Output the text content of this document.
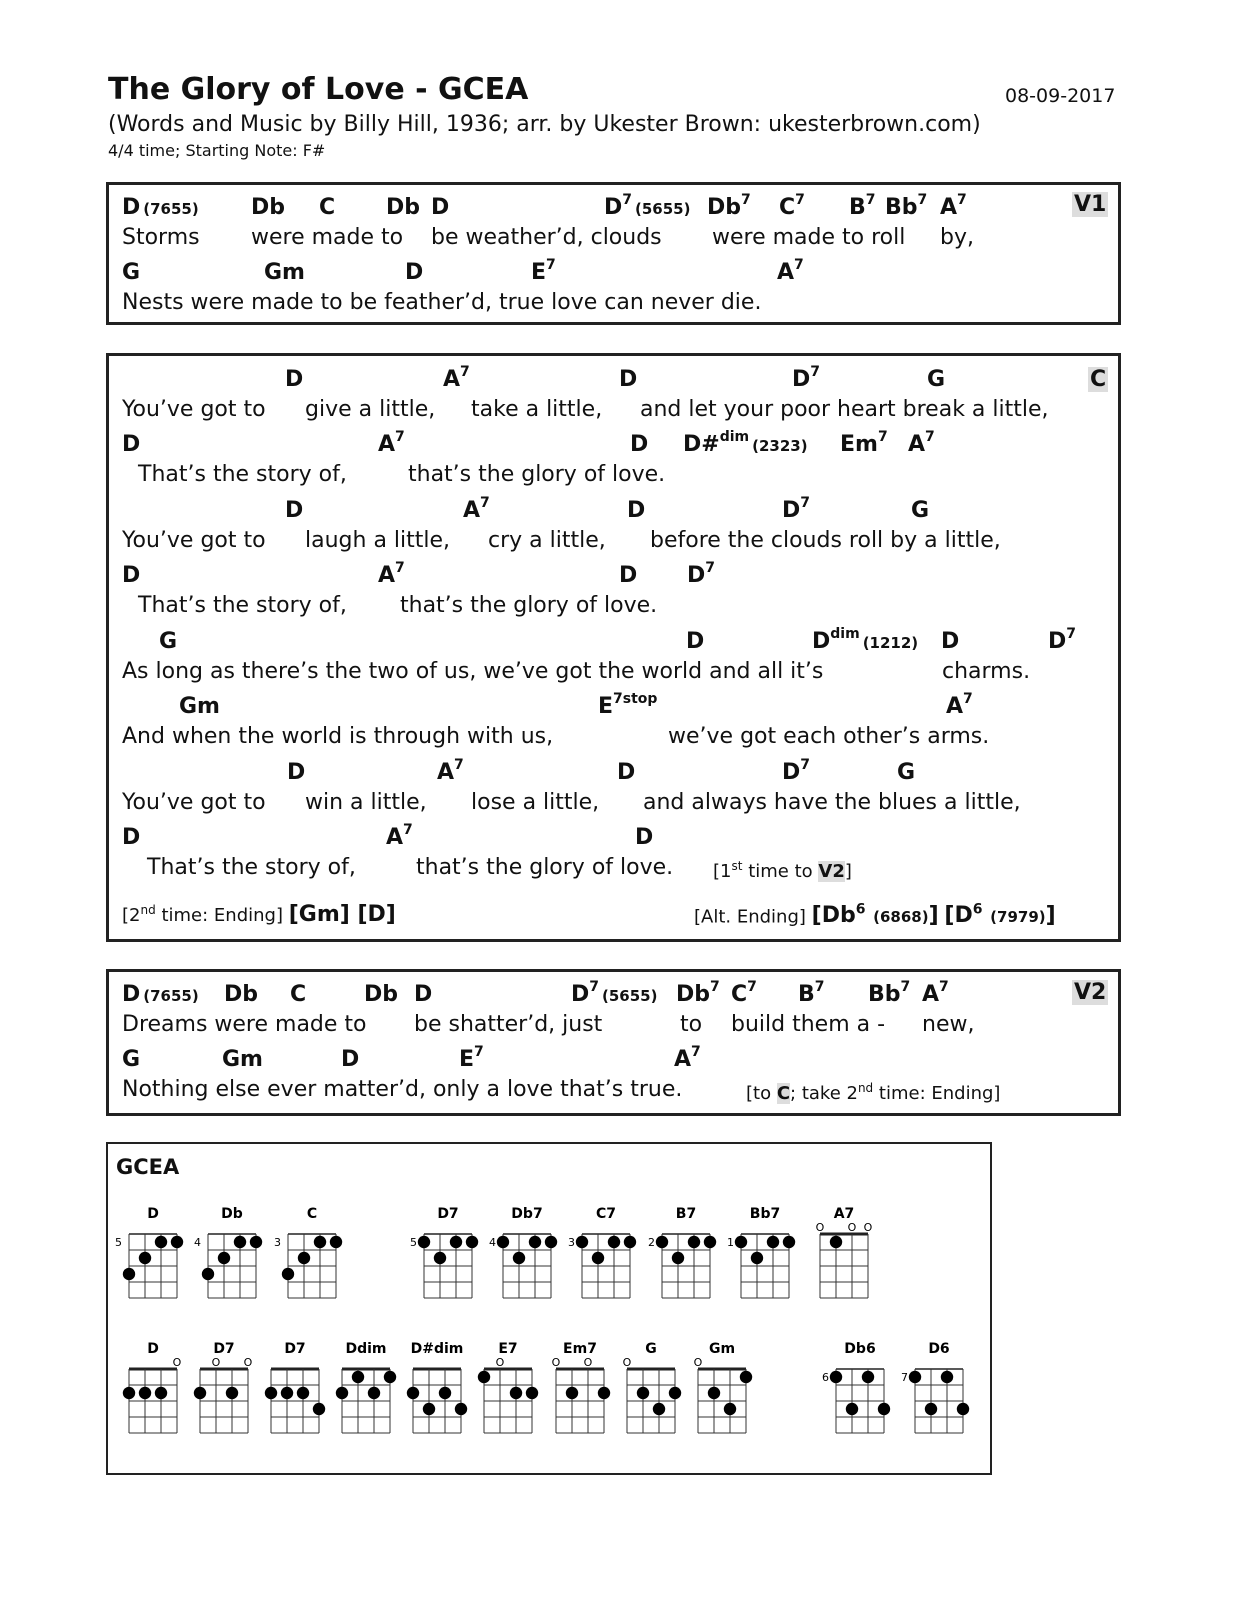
The Glory of Love - GCEA	08-09-2017
(Words and Music by Billy Hill, 1936; arr. by Ukester Brown: ukesterbrown.com)
4/4 time; Starting Note: F#
V1
D (7655) Db C Db D	$D^7$ (5655) Db$^7$ $C^7$ $B^7$ Bb$^7$ $A^7$
Storms were made to be weather’d, clouds were made to roll by,
G	Gm	D	$E^7$	$A^7$
Nests were made to be feather’d, true love can never die.
C
D	$A^7$	D	$D^7$	G
You’ve got to give a little, take a little, and let your poor heart break a little,
D	$A^7$	D D#$^{dim}$ (2323) Em$^7$ $A^7$
That’s the story of,	that’s the glory of love.
D	$A^7$	D	$D^7$	G
You’ve got to laugh a little, cry a little, before the clouds roll by a little,
D	$A^7$	D $D^7$
That’s the story of, that’s the glory of love.
G	D	$D^{dim}$ (1212) D	$D^7$
As long as there’s the two of us, we’ve got the world and all it’s	charms.
Gm	$E^{7stop}$	$A^7$
And when the world is through with us,	we’ve got each other’s arms.
D	$A^7$	D	$D^7$	G
You’ve got to win a little, lose a little, and always have the blues a little,
D	$A^7$	D
That’s the story of,	that’s the glory of love. [1st time to V2]
[2nd time: Ending] [Gm] [D]	[Alt. Ending] [Db$^6$ (6868)] [$D^6$ (7979)]
V2
D (7655) Db C	Db D	$D^7$ (5655) Db$^7$ $C^7$ $B^7$ Bb$^7$ $A^7$
Dreams were made to be shatter’d, just	to build them a - new,
G	Gm	D	$E^7$	$A^7$
Nothing else ever matter’d, only a love that’s true.	[to C; take 2nd time: Ending]
GCEA
D
5
Db
4
C
3
D7
5
Db7
4
C7
3
B7
2
Bb7
1
A7
O O O
D
O
D7
O O
D7	Ddim D#dim E7
O
Em7
O O
G
O
Gm
O
Db6
6
D6
7
